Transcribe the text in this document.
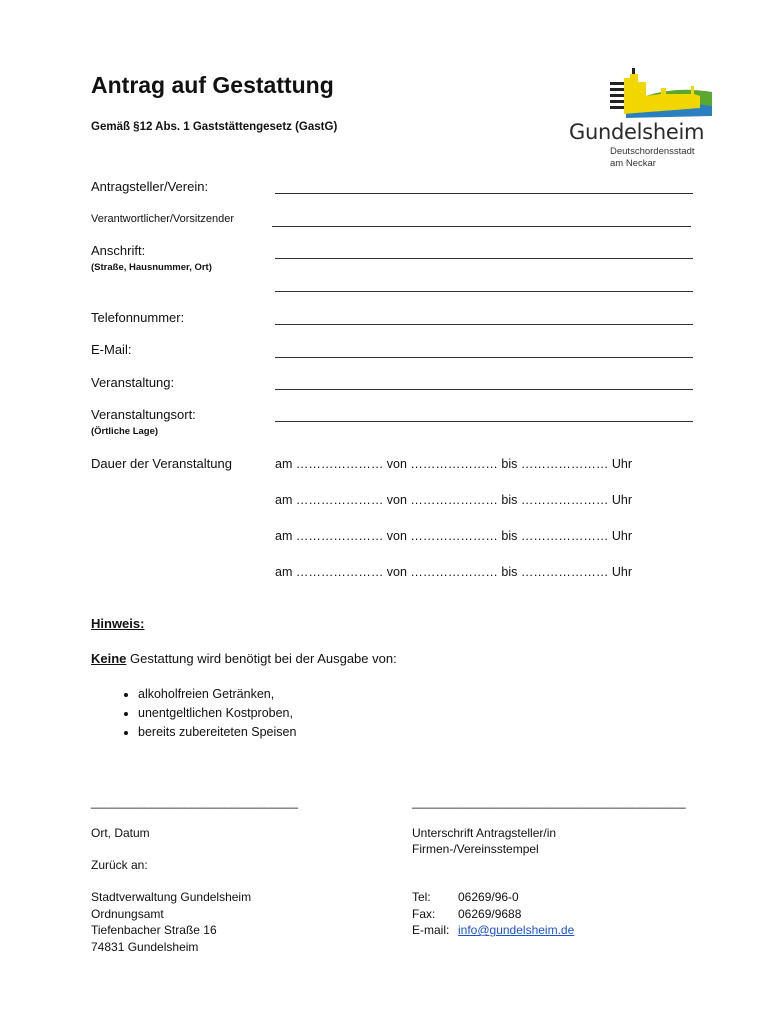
Antrag auf Gestattung
Gemäß §12 Abs. 1 Gaststättengesetz (GastG)	Gundelsheim
Deutschordensstadt
am Neckar
Antragsteller/Verein:
Verantwortlicher/Vorsitzender
Anschrift:
(Straße, Hausnummer, Ort)
Telefonnummer:
E-Mail:
Veranstaltung:
Veranstaltungsort:
(Örtliche Lage)
Dauer der Veranstaltung	am ………………… von ………………… bis ………………… Uhr
am ………………… von ………………… bis ………………… Uhr
am ………………… von ………………… bis ………………… Uhr
am ………………… von ………………… bis ………………… Uhr
Hinweis:
Keine Gestattung wird benötigt bei der Ausgabe von:
• alkoholfreien Getränken,
• unentgeltlichen Kostproben,
• bereits zubereiteten Speisen
_______________________________	_________________________________________
Ort, Datum	Unterschrift Antragsteller/in
Firmen-/Vereinsstempel
Zurück an:
Stadtverwaltung Gundelsheim
Ordnungsamt
Tiefenbacher Straße 16
74831 Gundelsheim
Tel:	06269/96-0
Fax:	06269/9688
E-mail: info@gundelsheim.de
